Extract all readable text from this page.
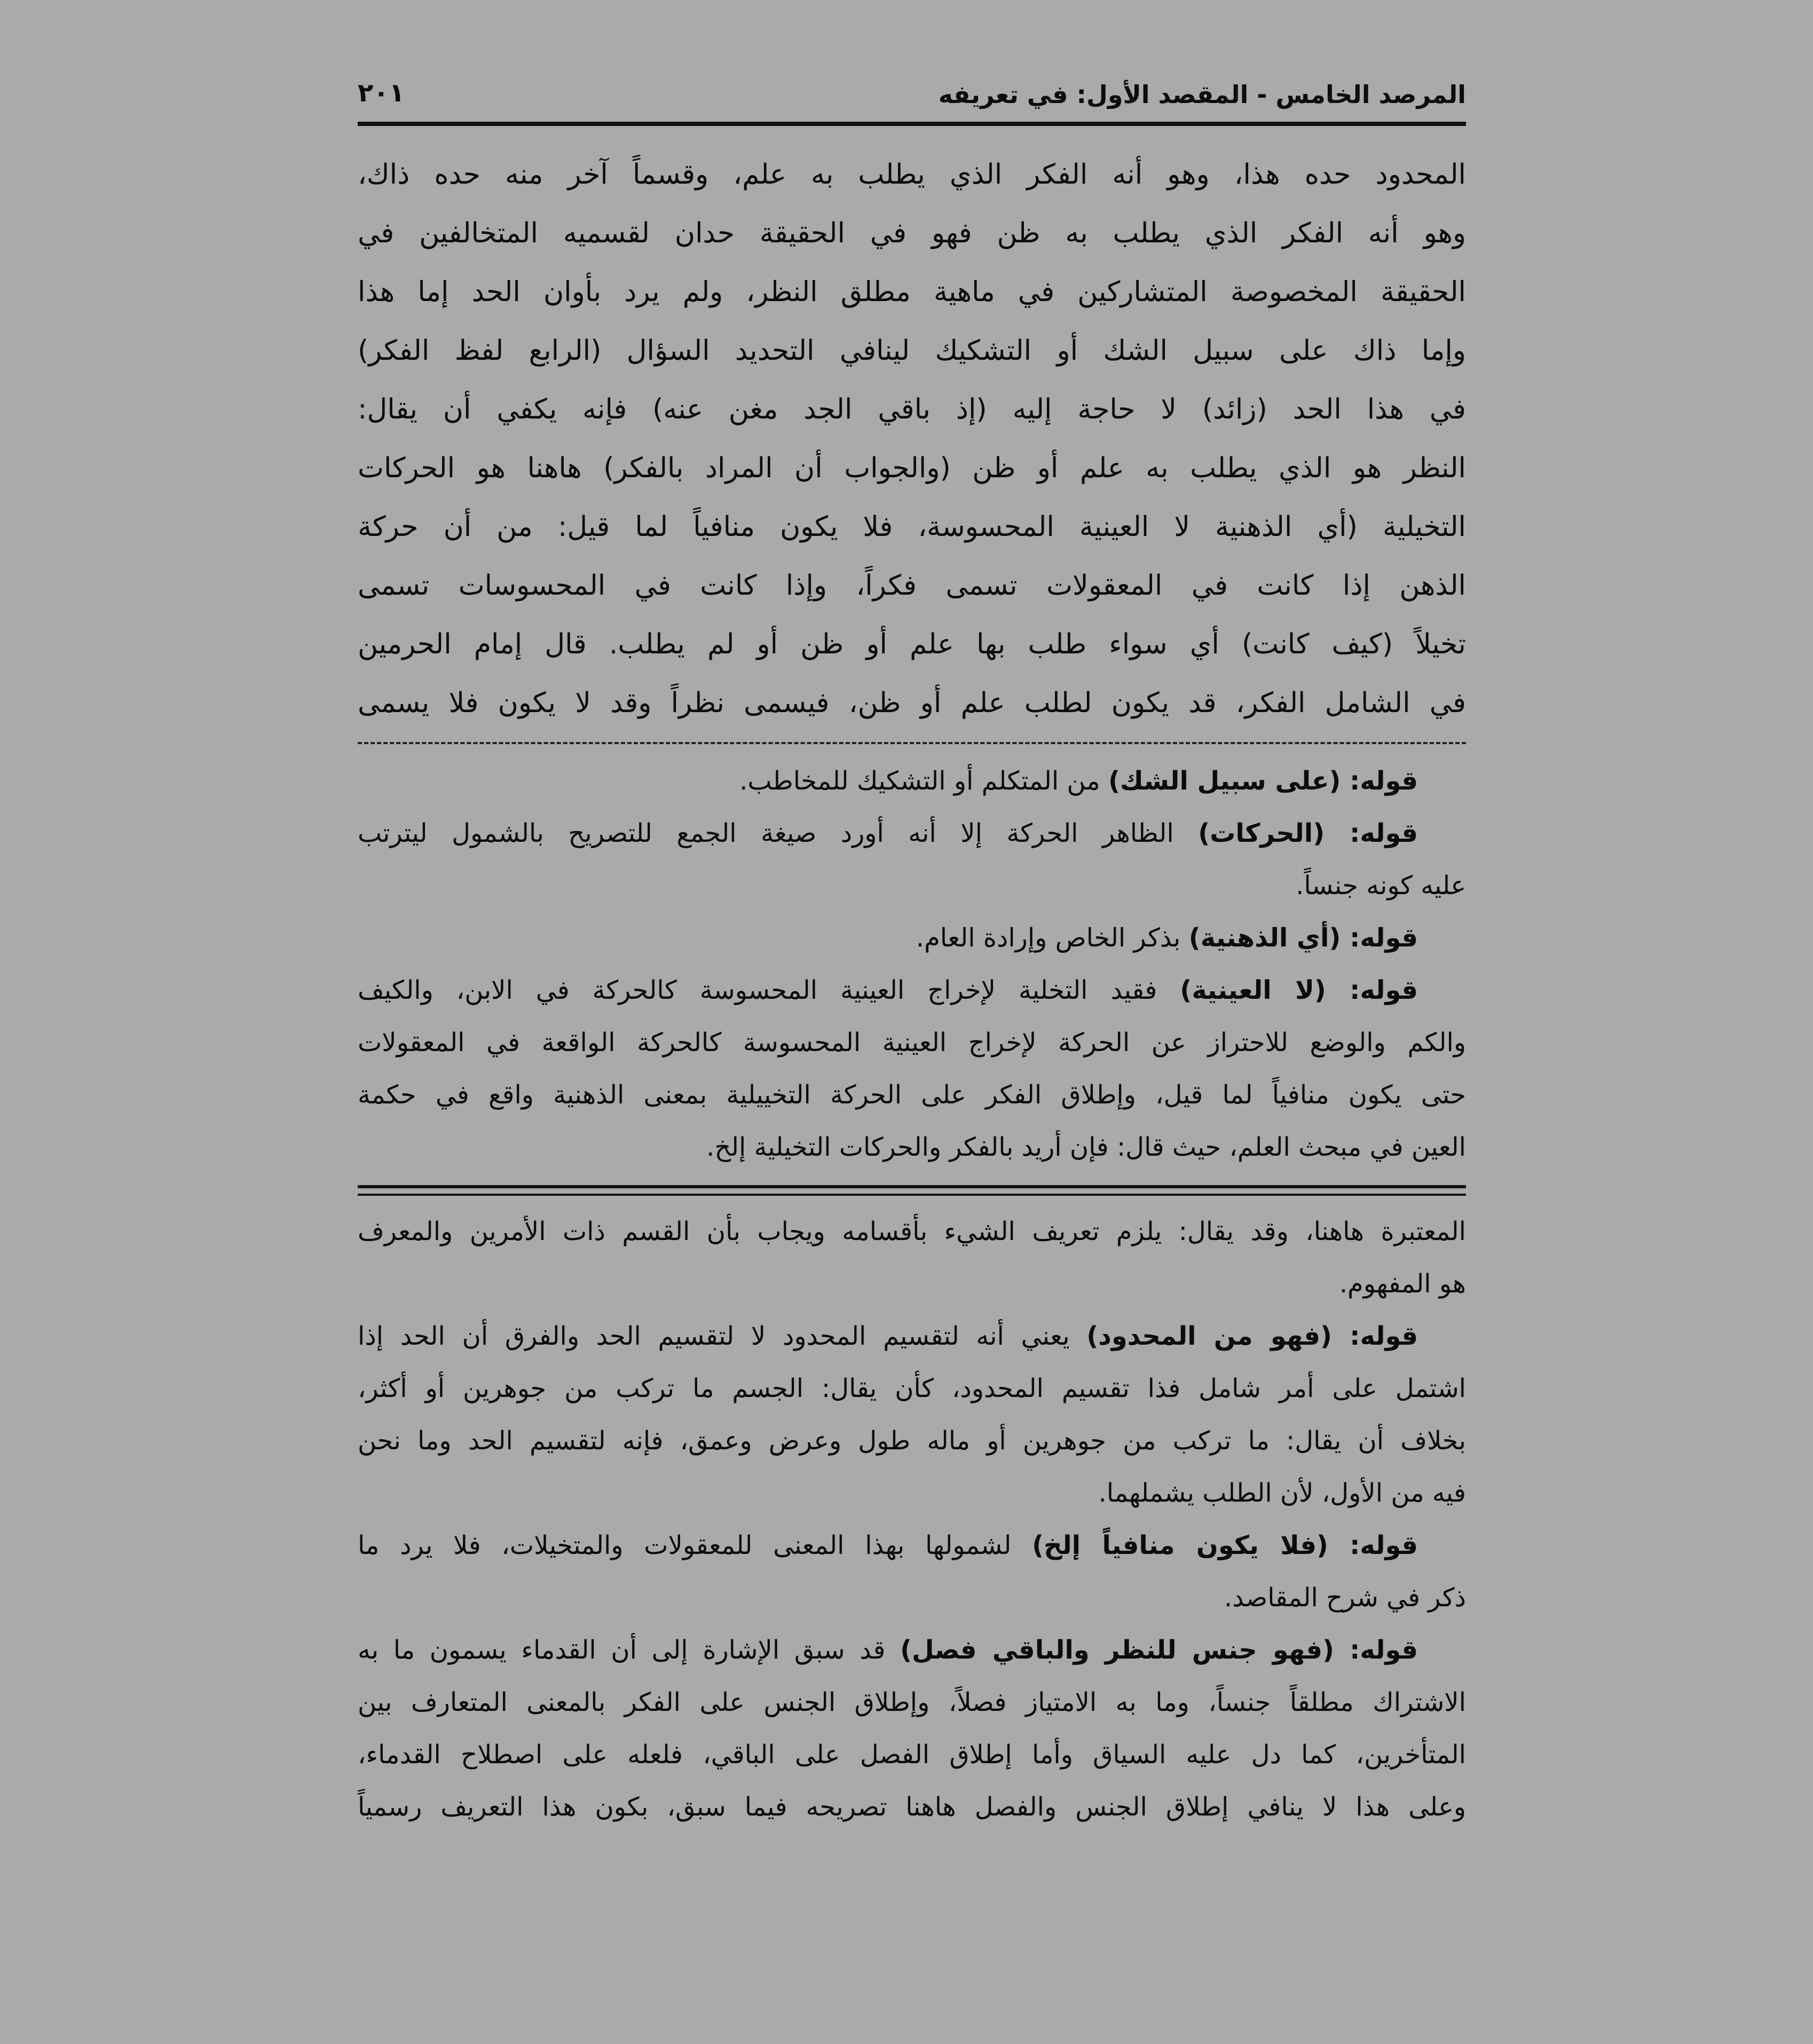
المرصد الخامس - المقصد الأول: في تعريفه
٢٠١
المحدود حده هذا، وهو أنه الفكر الذي يطلب به علم، وقسماً آخر منه حده ذاك،
وهو أنه الفكر الذي يطلب به ظن فهو في الحقيقة حدان لقسميه المتخالفين في
الحقيقة المخصوصة المتشاركين في ماهية مطلق النظر، ولم يرد بأوان الحد إما هذا
وإما ذاك على سبيل الشك أو التشكيك لينافي التحديد السؤال (الرابع لفظ الفكر)
في هذا الحد (زائد) لا حاجة إليه (إذ باقي الجد مغن عنه) فإنه يكفي أن يقال:
النظر هو الذي يطلب به علم أو ظن (والجواب أن المراد بالفكر) هاهنا هو الحركات
التخيلية (أي الذهنية لا العينية المحسوسة، فلا يكون منافياً لما قيل: من أن حركة
الذهن إذا كانت في المعقولات تسمى فكراً، وإذا كانت في المحسوسات تسمى
تخيلاً (كيف كانت) أي سواء طلب بها علم أو ظن أو لم يطلب. قال إمام الحرمين
في الشامل الفكر، قد يكون لطلب علم أو ظن، فيسمى نظراً وقد لا يكون فلا يسمى
قوله: (على سبيل الشك) من المتكلم أو التشكيك للمخاطب.
قوله: (الحركات) الظاهر الحركة إلا أنه أورد صيغة الجمع للتصريح بالشمول ليترتب
عليه كونه جنساً.
قوله: (أي الذهنية) بذكر الخاص وإرادة العام.
قوله: (لا العينية) فقيد التخلية لإخراج العينية المحسوسة كالحركة في الابن، والكيف
والكم والوضع للاحتراز عن الحركة لإخراج العينية المحسوسة كالحركة الواقعة في المعقولات
حتى يكون منافياً لما قيل، وإطلاق الفكر على الحركة التخييلية بمعنى الذهنية واقع في حكمة
العين في مبحث العلم، حيث قال: فإن أريد بالفكر والحركات التخيلية إلخ.
المعتبرة هاهنا، وقد يقال: يلزم تعريف الشيء بأقسامه ويجاب بأن القسم ذات الأمرين والمعرف
هو المفهوم.
قوله: (فهو من المحدود) يعني أنه لتقسيم المحدود لا لتقسيم الحد والفرق أن الحد إذا
اشتمل على أمر شامل فذا تقسيم المحدود، كأن يقال: الجسم ما تركب من جوهرين أو أكثر،
بخلاف أن يقال: ما تركب من جوهرين أو ماله طول وعرض وعمق، فإنه لتقسيم الحد وما نحن
فيه من الأول، لأن الطلب يشملهما.
قوله: (فلا يكون منافياً إلخ) لشمولها بهذا المعنى للمعقولات والمتخيلات، فلا يرد ما
ذكر في شرح المقاصد.
قوله: (فهو جنس للنظر والباقي فصل) قد سبق الإشارة إلى أن القدماء يسمون ما به
الاشتراك مطلقاً جنساً، وما به الامتياز فصلاً، وإطلاق الجنس على الفكر بالمعنى المتعارف بين
المتأخرين، كما دل عليه السياق وأما إطلاق الفصل على الباقي، فلعله على اصطلاح القدماء،
وعلى هذا لا ينافي إطلاق الجنس والفصل هاهنا تصريحه فيما سبق، بكون هذا التعريف رسمياً
